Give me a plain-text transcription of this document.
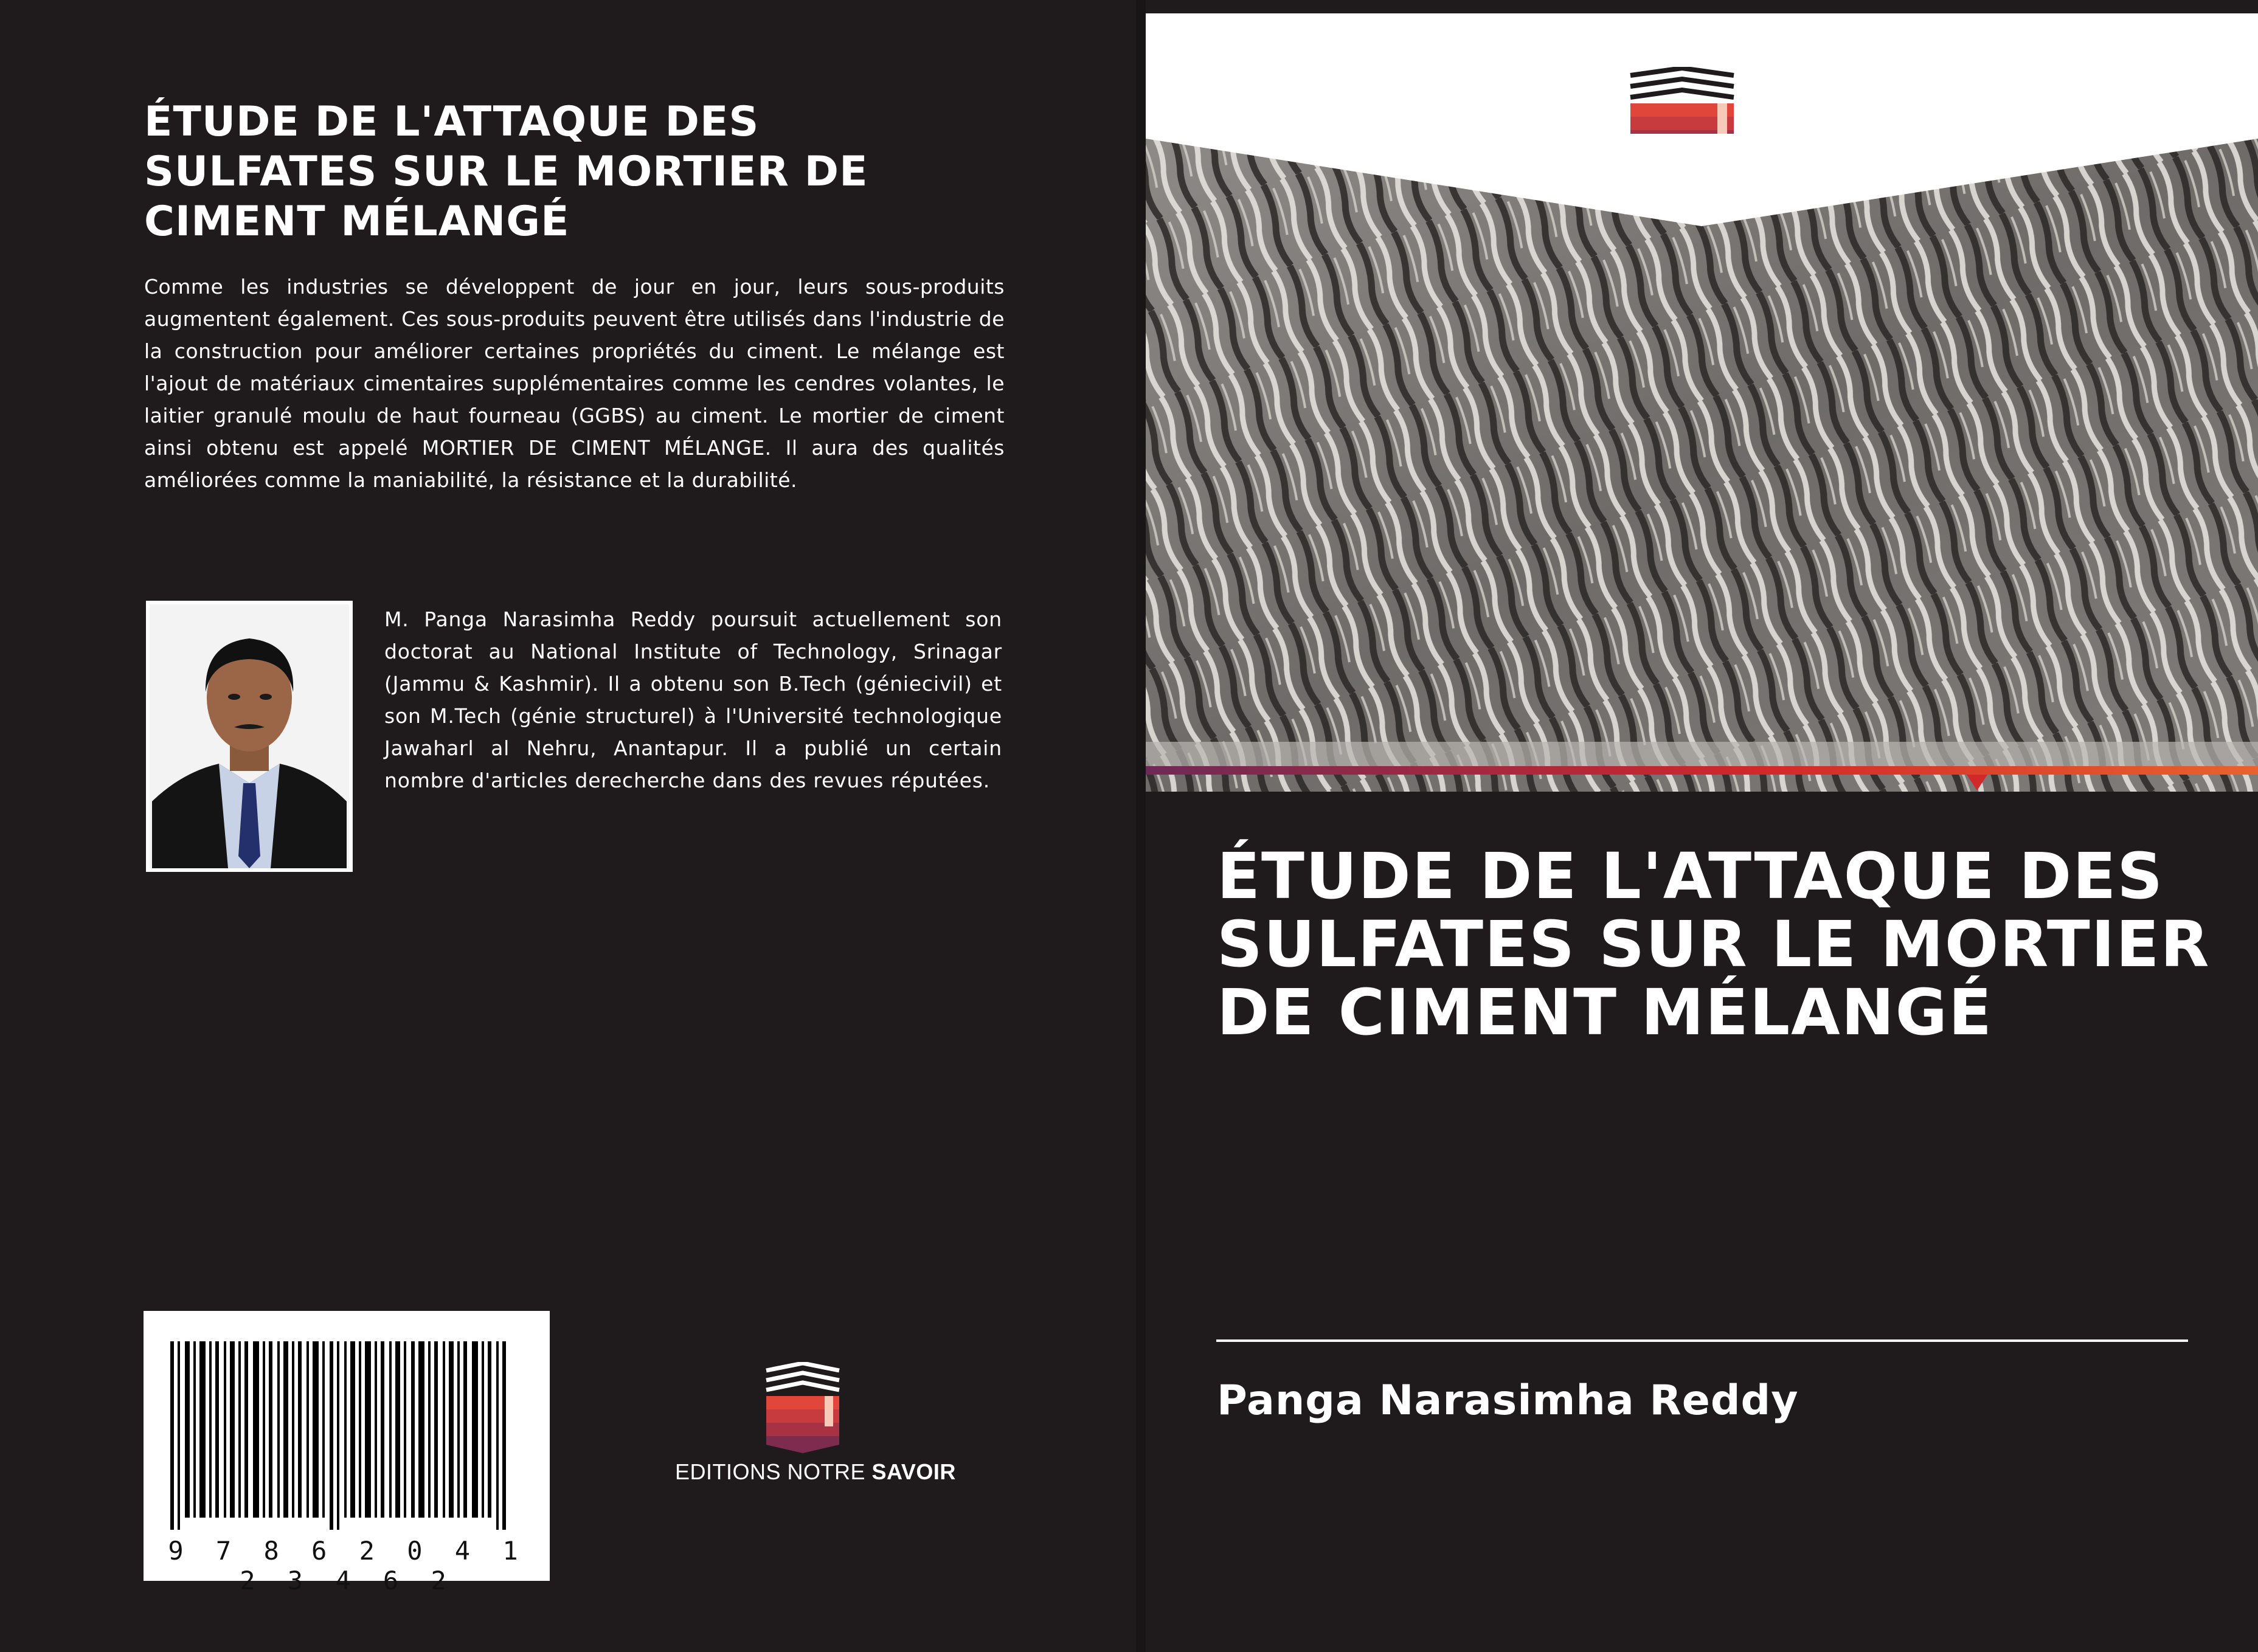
ÉTUDE DE L'ATTAQUE DES SULFATES SUR LE MORTIER DE CIMENT MÉLANGÉ

Comme les industries se développent de jour en jour, leurs sous-produits augmentent également. Ces sous-produits peuvent être utilisés dans l'industrie de la construction pour améliorer certaines propriétés du ciment. Le mélange est l'ajout de matériaux cimentaires supplémentaires comme les cendres volantes, le laitier granulé moulu de haut fourneau (GGBS) au ciment. Le mortier de ciment ainsi obtenu est appelé MORTIER DE CIMENT MÉLANGE. Il aura des qualités améliorées comme la maniabilité, la résistance et la durabilité.

M. Panga Narasimha Reddy poursuit actuellement son doctorat au National Institute of Technology, Srinagar (Jammu & Kashmir). Il a obtenu son B.Tech (géniecivil) et son M.Tech (génie structurel) à l'Université technologique Jawaharl al Nehru, Anantapur. Il a publié un certain nombre d'articles derecherche dans des revues réputées.

9 7 8 6 2 0 4 1 2 3 4 6 2

EDITIONS NOTRE SAVOIR
ÉTUDE DE L'ATTAQUE DES SULFATES SUR LE MORTIER DE CIMENT MÉLANGÉ

Panga Narasimha Reddy
